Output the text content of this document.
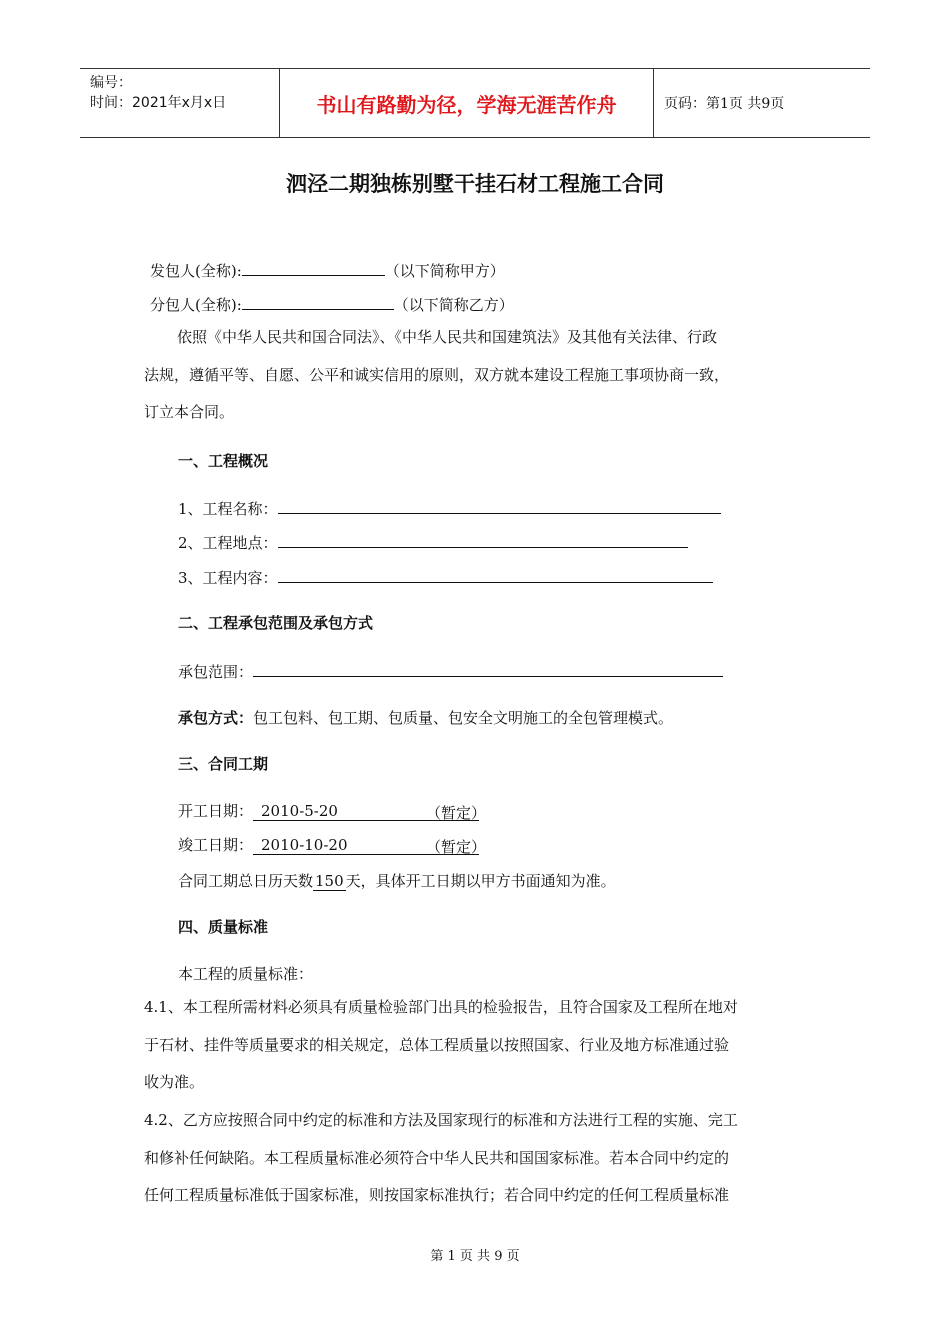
编号：
时间：2021年x月x日	书山有路勤为径，学海无涯苦作舟	页码：第1页 共9页
泗泾二期独栋别墅干挂石材工程施工合同
发包人(全称):	（以下简称甲方）
分包人(全称):	（以下简称乙方）
依照《中华人民共和国合同法》、《中华人民共和国建筑法》及其他有关法律、行政
法规，遵循平等、自愿、公平和诚实信用的原则，双方就本建设工程施工事项协商一致，
订立本合同。
一、工程概况
1、工程名称：
2、工程地点：
3、工程内容：
二、工程承包范围及承包方式
承包范围：
承包方式：包工包料、包工期、包质量、包安全文明施工的全包管理模式。
三、合同工期
开工日期： 2010-5-20	（暂定）
竣工日期： 2010-10-20	（暂定）
合同工期总日历天数 150 天，具体开工日期以甲方书面通知为准。
四、质量标准
本工程的质量标准：
4.1、本工程所需材料必须具有质量检验部门出具的检验报告，且符合国家及工程所在地对
于石材、挂件等质量要求的相关规定，总体工程质量以按照国家、行业及地方标准通过验
收为准。
4.2、乙方应按照合同中约定的标准和方法及国家现行的标准和方法进行工程的实施、完工
和修补任何缺陷。本工程质量标准必须符合中华人民共和国国家标准。若本合同中约定的
任何工程质量标准低于国家标准，则按国家标准执行；若合同中约定的任何工程质量标准
第 1 页 共 9 页
